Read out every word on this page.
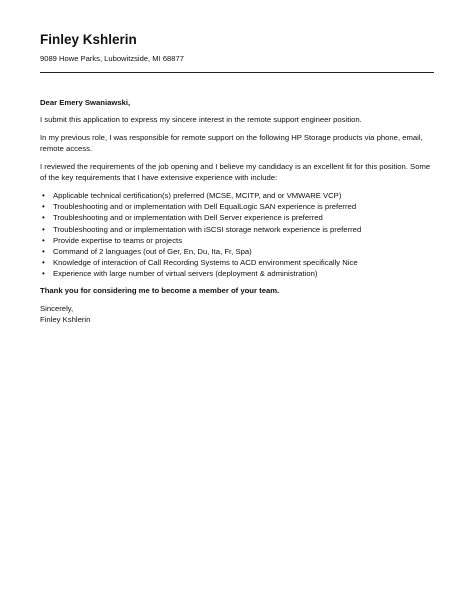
Finley Kshlerin
9089 Howe Parks, Lubowitzside, MI 68877

Dear Emery Swaniawski,

I submit this application to express my sincere interest in the remote support engineer position.

In my previous role, I was responsible for remote support on the following HP Storage products via phone, email, remote access.

I reviewed the requirements of the job opening and I believe my candidacy is an excellent fit for this position. Some of the key requirements that I have extensive experience with include:

• Applicable technical certification(s) preferred (MCSE, MCITP, and or VMWARE VCP)
• Troubleshooting and or implementation with Dell EqualLogic SAN experience is preferred
• Troubleshooting and or implementation with Dell Server experience is preferred
• Troubleshooting and or implementation with iSCSI storage network experience is preferred
• Provide expertise to teams or projects
• Command of 2 languages (out of Ger, En, Du, Ita, Fr, Spa)
• Knowledge of interaction of Call Recording Systems to ACD environment specifically Nice
• Experience with large number of virtual servers (deployment & administration)

Thank you for considering me to become a member of your team.

Sincerely,
Finley Kshlerin
